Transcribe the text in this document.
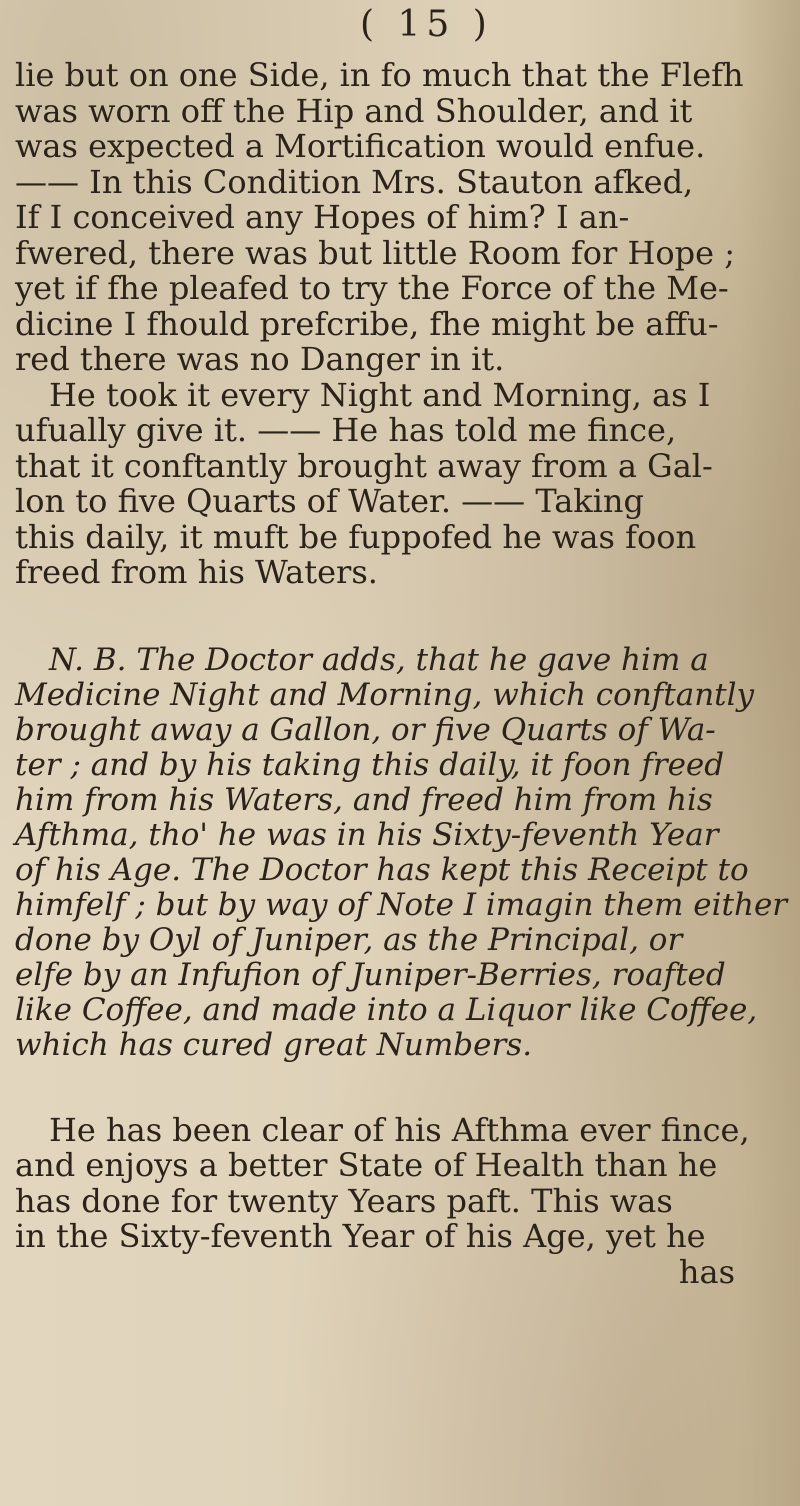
( 15 )
lie but on one Side, in fo much that the Flefh
was worn off the Hip and Shoulder, and it
was expected a Mortification would enfue.
—— In this Condition Mrs. Stauton afked,
If I conceived any Hopes of him? I an-
fwered, there was but little Room for Hope ;
yet if fhe pleafed to try the Force of the Me-
dicine I fhould prefcribe, fhe might be affu-
red there was no Danger in it.
He took it every Night and Morning, as I
ufually give it. —— He has told me fince,
that it conftantly brought away from a Gal-
lon to five Quarts of Water. —— Taking
this daily, it muft be fuppofed he was foon
freed from his Waters.
N. B. The Doctor adds, that he gave him a
Medicine Night and Morning, which conftantly
brought away a Gallon, or five Quarts of Wa-
ter ; and by his taking this daily, it foon freed
him from his Waters, and freed him from his
Afthma, tho' he was in his Sixty-feventh Year
of his Age. The Doctor has kept this Receipt to
himfelf ; but by way of Note I imagin them either
done by Oyl of Juniper, as the Principal, or
elfe by an Infufion of Juniper-Berries, roafted
like Coffee, and made into a Liquor like Coffee,
which has cured great Numbers.
He has been clear of his Afthma ever fince,
and enjoys a better State of Health than he
has done for twenty Years paft. This was
in the Sixty-feventh Year of his Age, yet he
has
